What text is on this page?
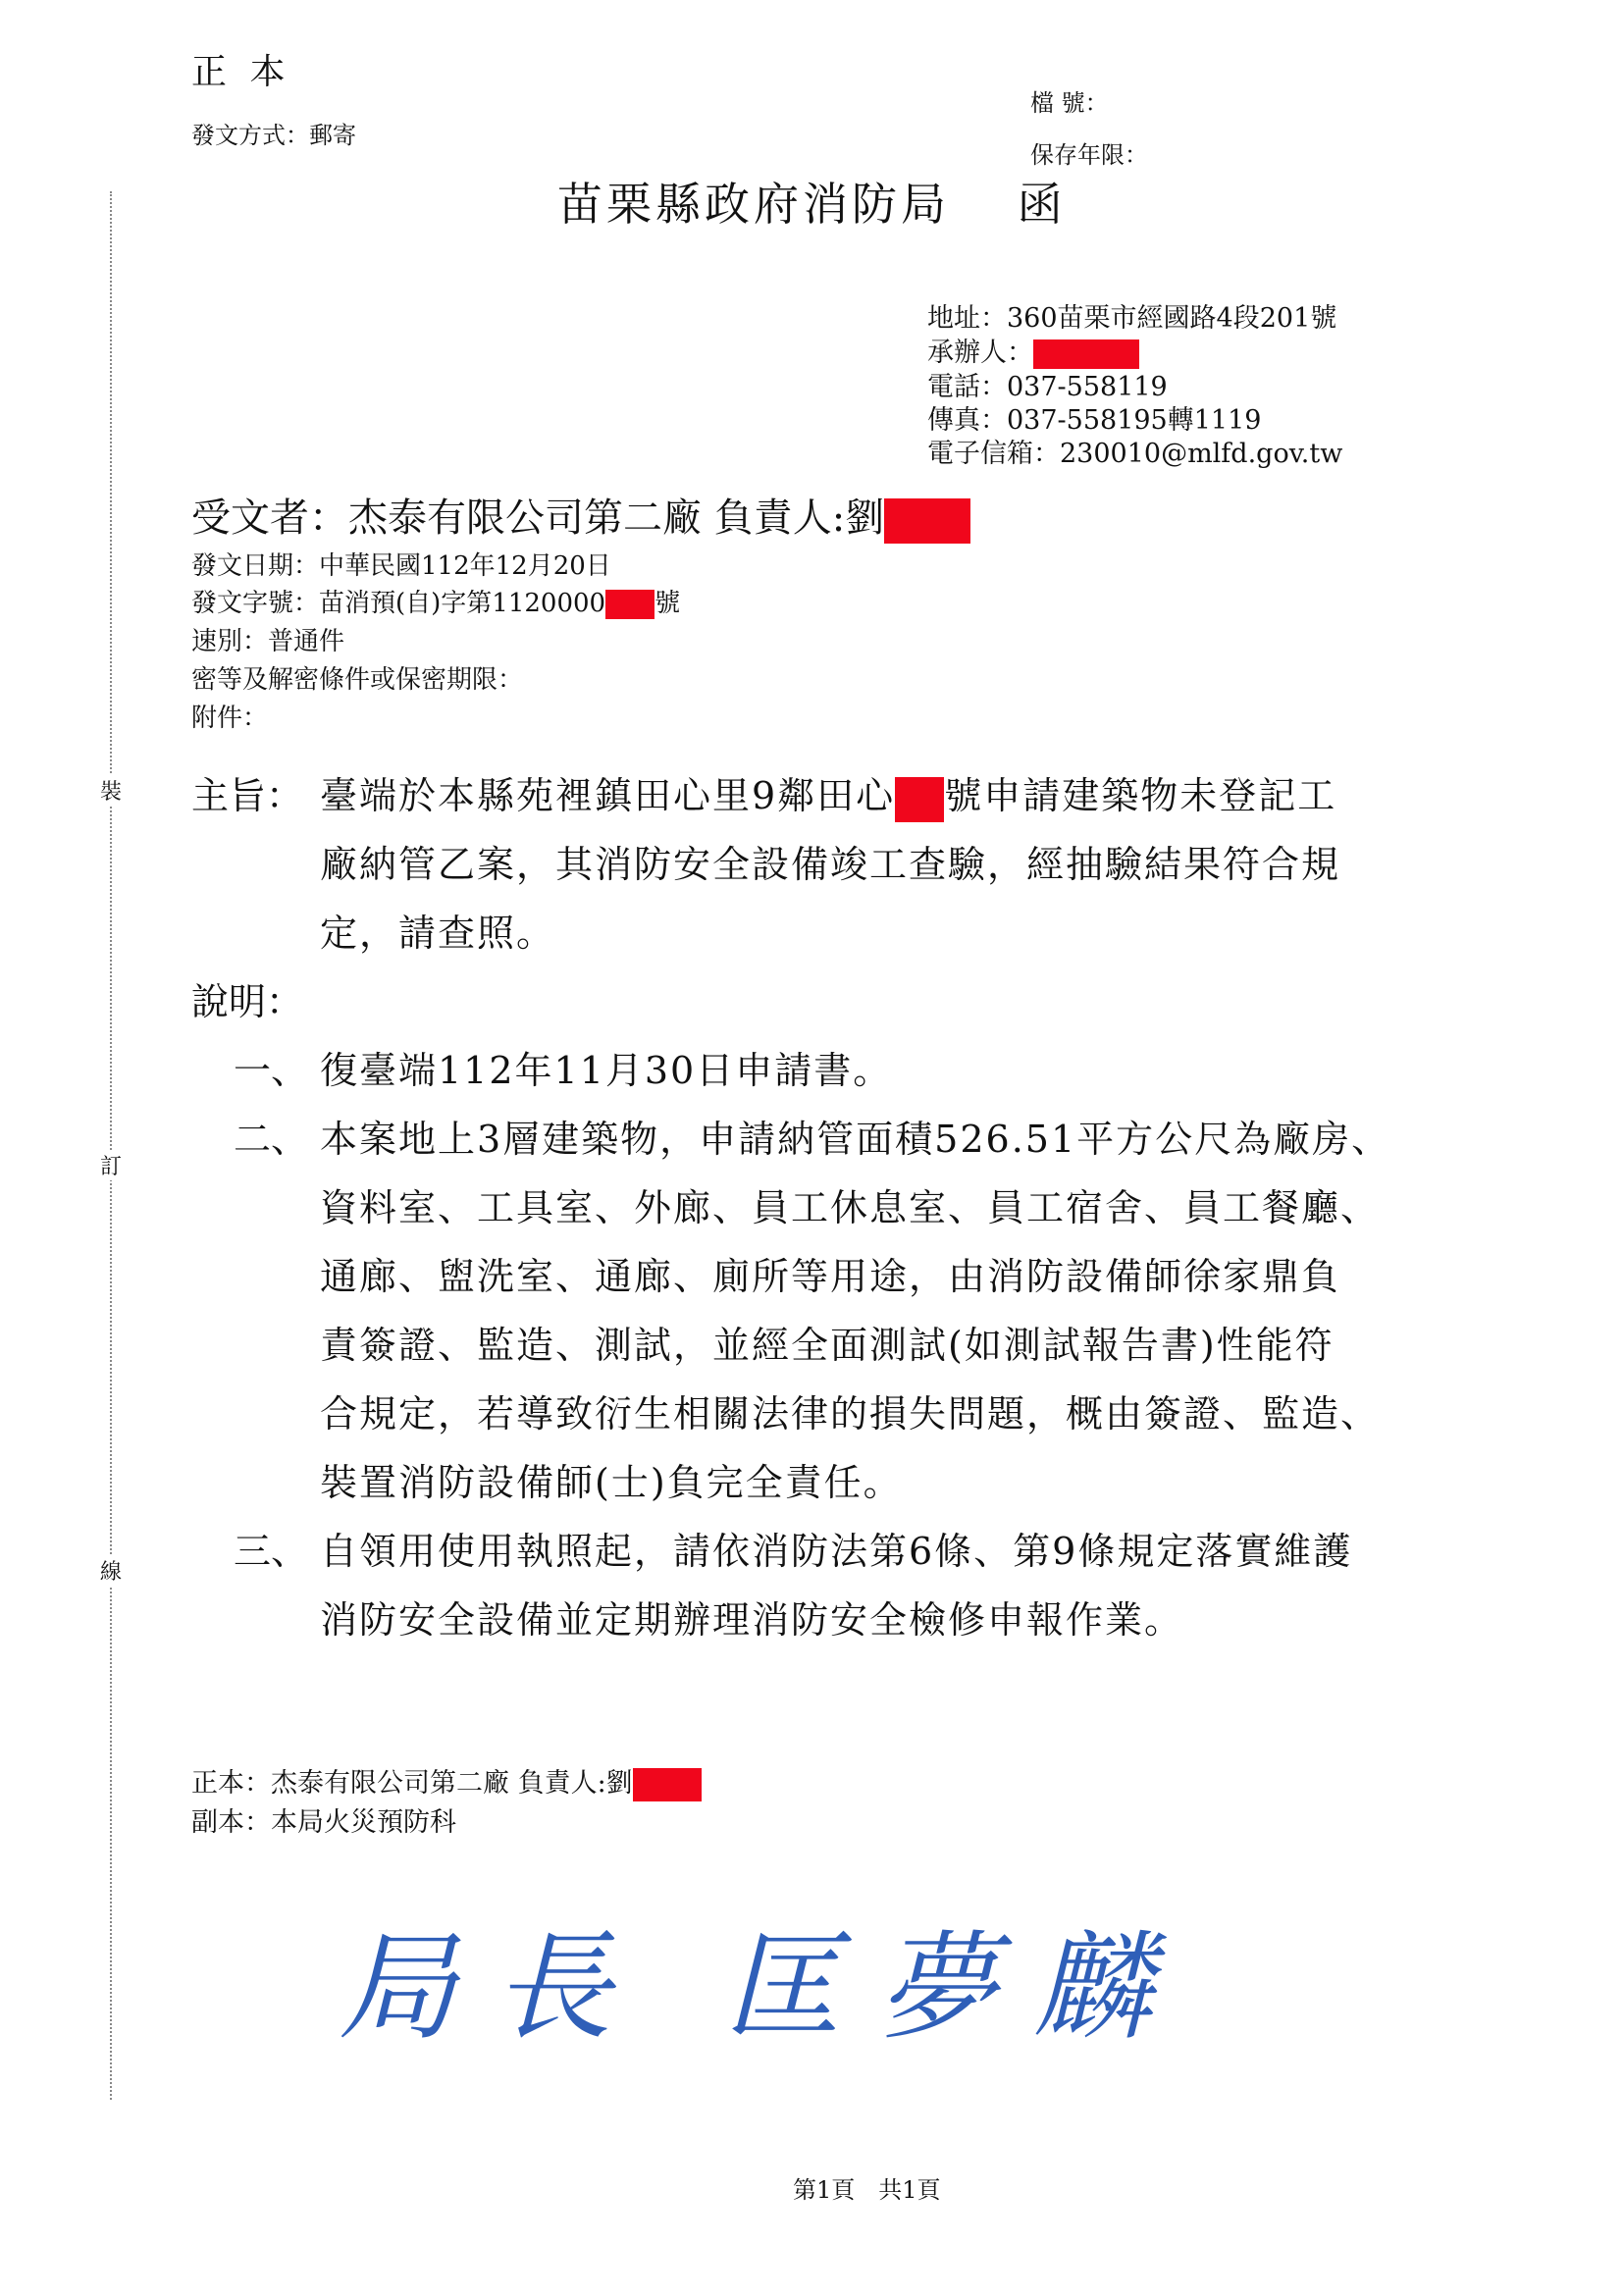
裝
訂
線
正 本
發文方式：郵寄
檔 號：
保存年限：
苗栗縣政府消防局　 函
地址：360苗栗市經國路4段201號
承辦人：
電話：037-558119
傳真：037-558195轉1119
電子信箱：230010@mlfd.gov.tw
受文者：杰泰有限公司第二廠 負責人:劉
發文日期：中華民國112年12月20日
發文字號：苗消預(自)字第1120000 號
速別：普通件
密等及解密條件或保密期限：
附件：
主旨： 臺端於本縣苑裡鎮田心里9鄰田心 號申請建築物未登記工
廠納管乙案，其消防安全設備竣工查驗，經抽驗結果符合規
定，請查照。
說明：
一、 復臺端112年11月30日申請書。
二、 本案地上3層建築物，申請納管面積526.51平方公尺為廠房、
資料室、工具室、外廊、員工休息室、員工宿舍、員工餐廳、
通廊、盥洗室、通廊、廁所等用途，由消防設備師徐家鼎負
責簽證、監造、測試，並經全面測試(如測試報告書)性能符
合規定，若導致衍生相關法律的損失問題，概由簽證、監造、
裝置消防設備師(士)負完全責任。
三、 自領用使用執照起，請依消防法第6條、第9條規定落實維護
消防安全設備並定期辦理消防安全檢修申報作業。
正本：杰泰有限公司第二廠 負責人:劉
副本：本局火災預防科
局長 匡夢麟
第1頁　共1頁
